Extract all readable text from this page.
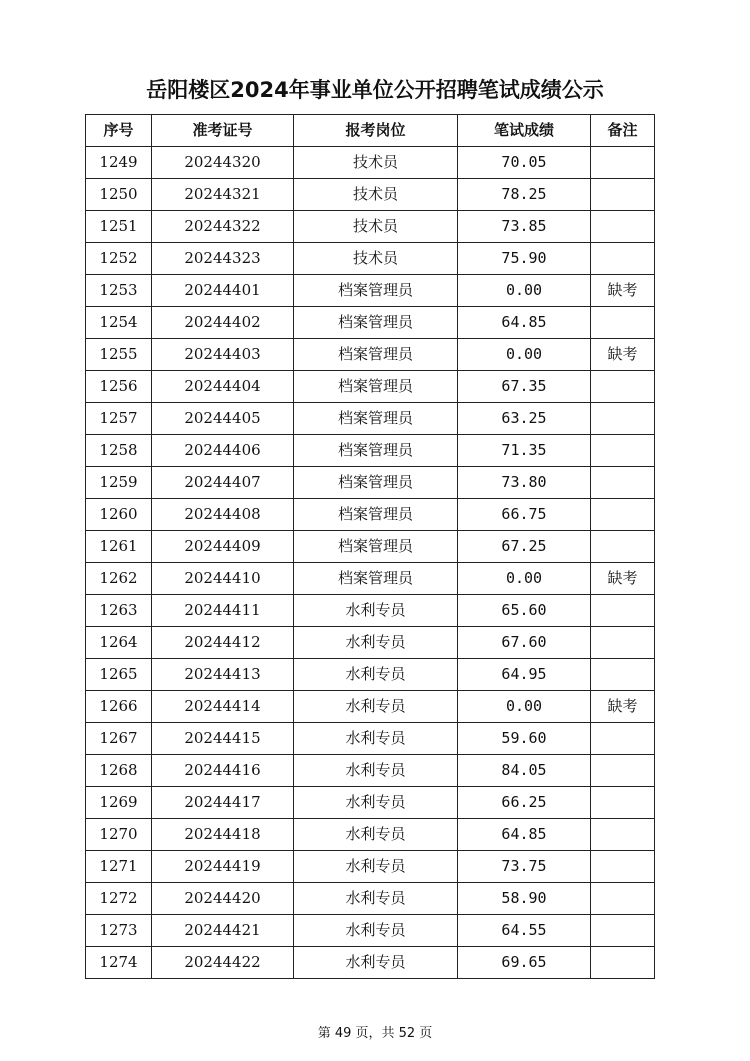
岳阳楼区2024年事业单位公开招聘笔试成绩公示
序号	准考证号	报考岗位	笔试成绩	备注
1249	20244320	技术员	70.05	
1250	20244321	技术员	78.25	
1251	20244322	技术员	73.85	
1252	20244323	技术员	75.90	
1253	20244401	档案管理员	0.00	缺考
1254	20244402	档案管理员	64.85	
1255	20244403	档案管理员	0.00	缺考
1256	20244404	档案管理员	67.35	
1257	20244405	档案管理员	63.25	
1258	20244406	档案管理员	71.35	
1259	20244407	档案管理员	73.80	
1260	20244408	档案管理员	66.75	
1261	20244409	档案管理员	67.25	
1262	20244410	档案管理员	0.00	缺考
1263	20244411	水利专员	65.60	
1264	20244412	水利专员	67.60	
1265	20244413	水利专员	64.95	
1266	20244414	水利专员	0.00	缺考
1267	20244415	水利专员	59.60	
1268	20244416	水利专员	84.05	
1269	20244417	水利专员	66.25	
1270	20244418	水利专员	64.85	
1271	20244419	水利专员	73.75	
1272	20244420	水利专员	58.90	
1273	20244421	水利专员	64.55	
1274	20244422	水利专员	69.65	
第 49 页，共 52 页
